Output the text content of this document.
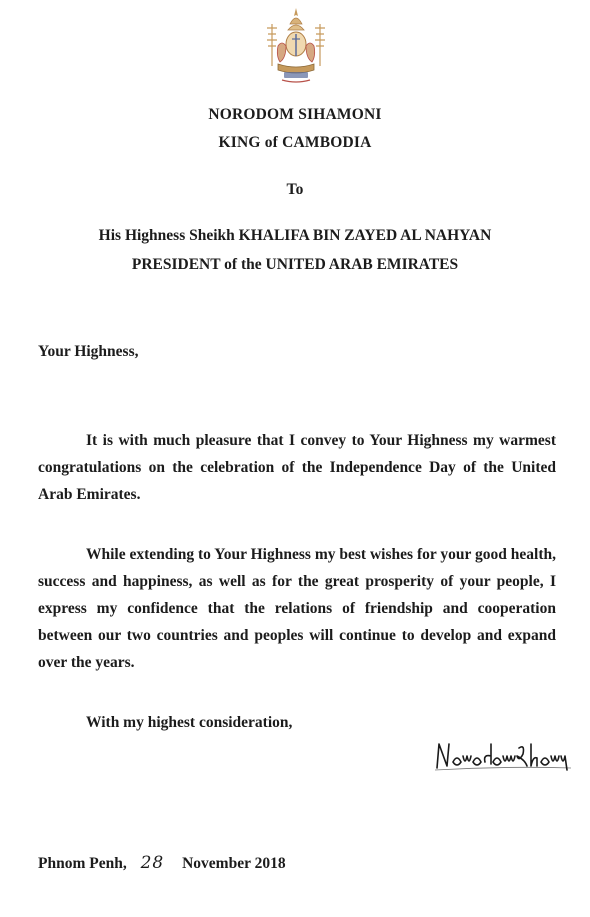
NORODOM SIHAMONI
KING of CAMBODIA
To
His Highness Sheikh KHALIFA BIN ZAYED AL NAHYAN
PRESIDENT of the UNITED ARAB EMIRATES
Your Highness,

It is with much pleasure that I convey to Your Highness my warmest congratulations on the celebration of the Independence Day of the United Arab Emirates.

While extending to Your Highness my best wishes for your good health, success and happiness, as well as for the great prosperity of your people, I express my confidence that the relations of friendship and cooperation between our two countries and peoples will continue to develop and expand over the years.

With my highest consideration,
Phnom Penh, 28 November 2018
